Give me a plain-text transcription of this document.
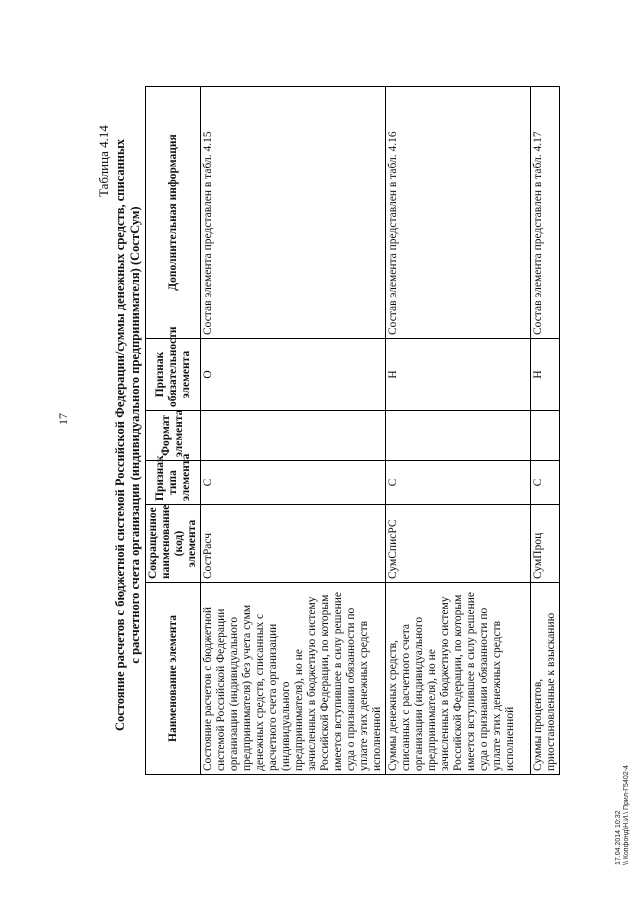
17
Таблица 4.14 Состояние расчетов с бюджетной системой Российской Федерации/суммы денежных средств, списанных с расчетного счета организации (индивидуального предпринимателя) (СостСум)
Наименование элемента	Сокращенное наименование (код) элемента	Признак типа элемента	Формат элемента	Признак обязательности элемента	Дополнительная информация
Состояние расчетов с бюджетной системой Российской Федерации организации (индивидуального предпринимателя) без учета сумм денежных средств, списанных с расчетного счета организации (индивидуального предпринимателя), но не зачисленных в бюджетную систему Российской Федерации, по которым имеется вступившее в силу решение суда о признании обязанности по уплате этих денежных средств исполненной	СостРасч	С		О	Состав элемента представлен в табл. 4.15
Суммы денежных средств, списанных с расчетного счета организации (индивидуального предпринимателя), но не зачисленных в бюджетную систему Российской Федерации, по которым имеется вступившее в силу решение суда о признании обязанности по уплате этих денежных средств исполненной	СумСписРС	С		Н	Состав элемента представлен в табл. 4.16
Суммы процентов, приостановленные к взысканию	СумПроц	С		Н	Состав элемента представлен в табл. 4.17
17.04.2014 10:32 \\ Копфонд\Н.И.\ Прил-Г5402-4
